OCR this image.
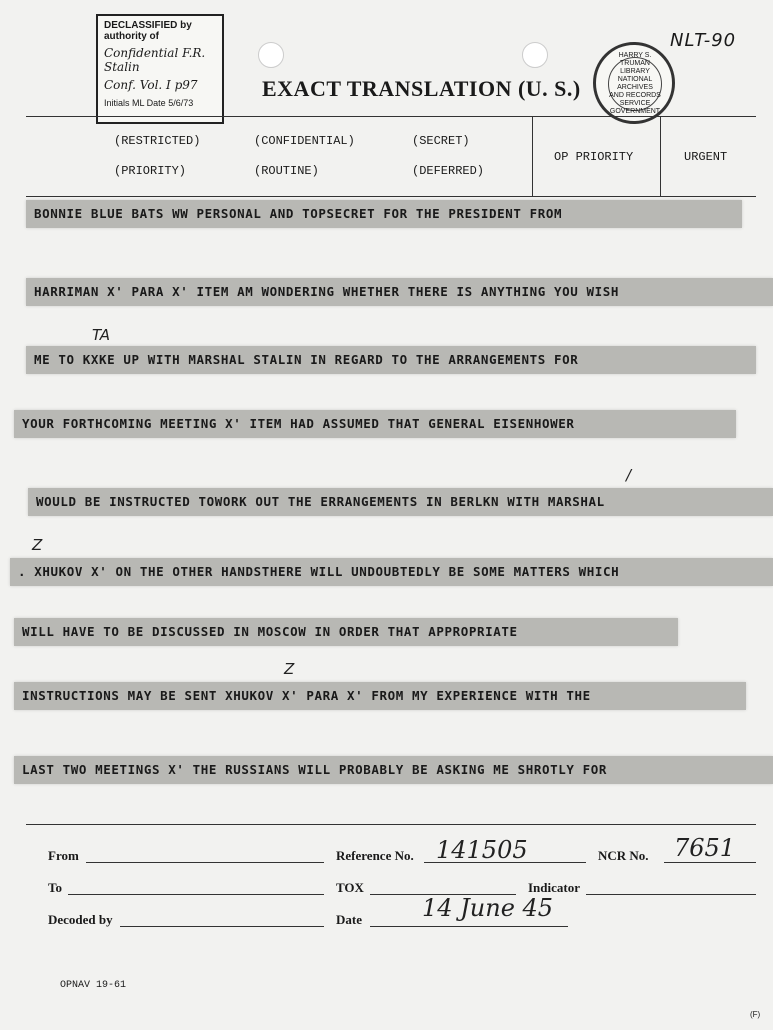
DECLASSIFIED by authority of
Confidential F.R. Stalin
Conf. Vol. I p97
Initials ML Date 5/6/73
HARRY S. TRUMAN LIBRARY NATIONAL ARCHIVES AND RECORDS SERVICE GOVERNMENT
NLT-90
EXACT TRANSLATION (U. S.)
(RESTRICTED)	(CONFIDENTIAL)	(SECRET)
(PRIORITY)	(ROUTINE)	(DEFERRED)
OP PRIORITY	URGENT
BONNIE BLUE BATS WW PERSONAL AND TOPSECRET FOR THE PRESIDENT FROM
HARRIMAN X' PARA X' ITEM AM WONDERING WHETHER THERE IS ANYTHING YOU WISH
ME TO KXKE UP WITH MARSHAL STALIN IN REGARD TO THE ARRANGEMENTS FOR
YOUR FORTHCOMING MEETING X' ITEM HAD ASSUMED THAT GENERAL EISENHOWER
WOULD BE INSTRUCTED TOWORK OUT THE ERRANGEMENTS IN BERLKN WITH MARSHAL
. XHUKOV X' ON THE OTHER HANDSTHERE WILL UNDOUBTEDLY BE SOME MATTERS WHICH
WILL HAVE TO BE DISCUSSED IN MOSCOW IN ORDER THAT APPROPRIATE
INSTRUCTIONS MAY BE SENT XHUKOV X' PARA X' FROM MY EXPERIENCE WITH THE
LAST TWO MEETINGS X' THE RUSSIANS WILL PROBABLY BE ASKING ME SHROTLY FOR
TA
Z
Z
/
From	Reference No. 141505	NCR No. 7651
To	TOX	Indicator
Decoded by	Date	14 June 45
OPNAV 19-61
(F)
